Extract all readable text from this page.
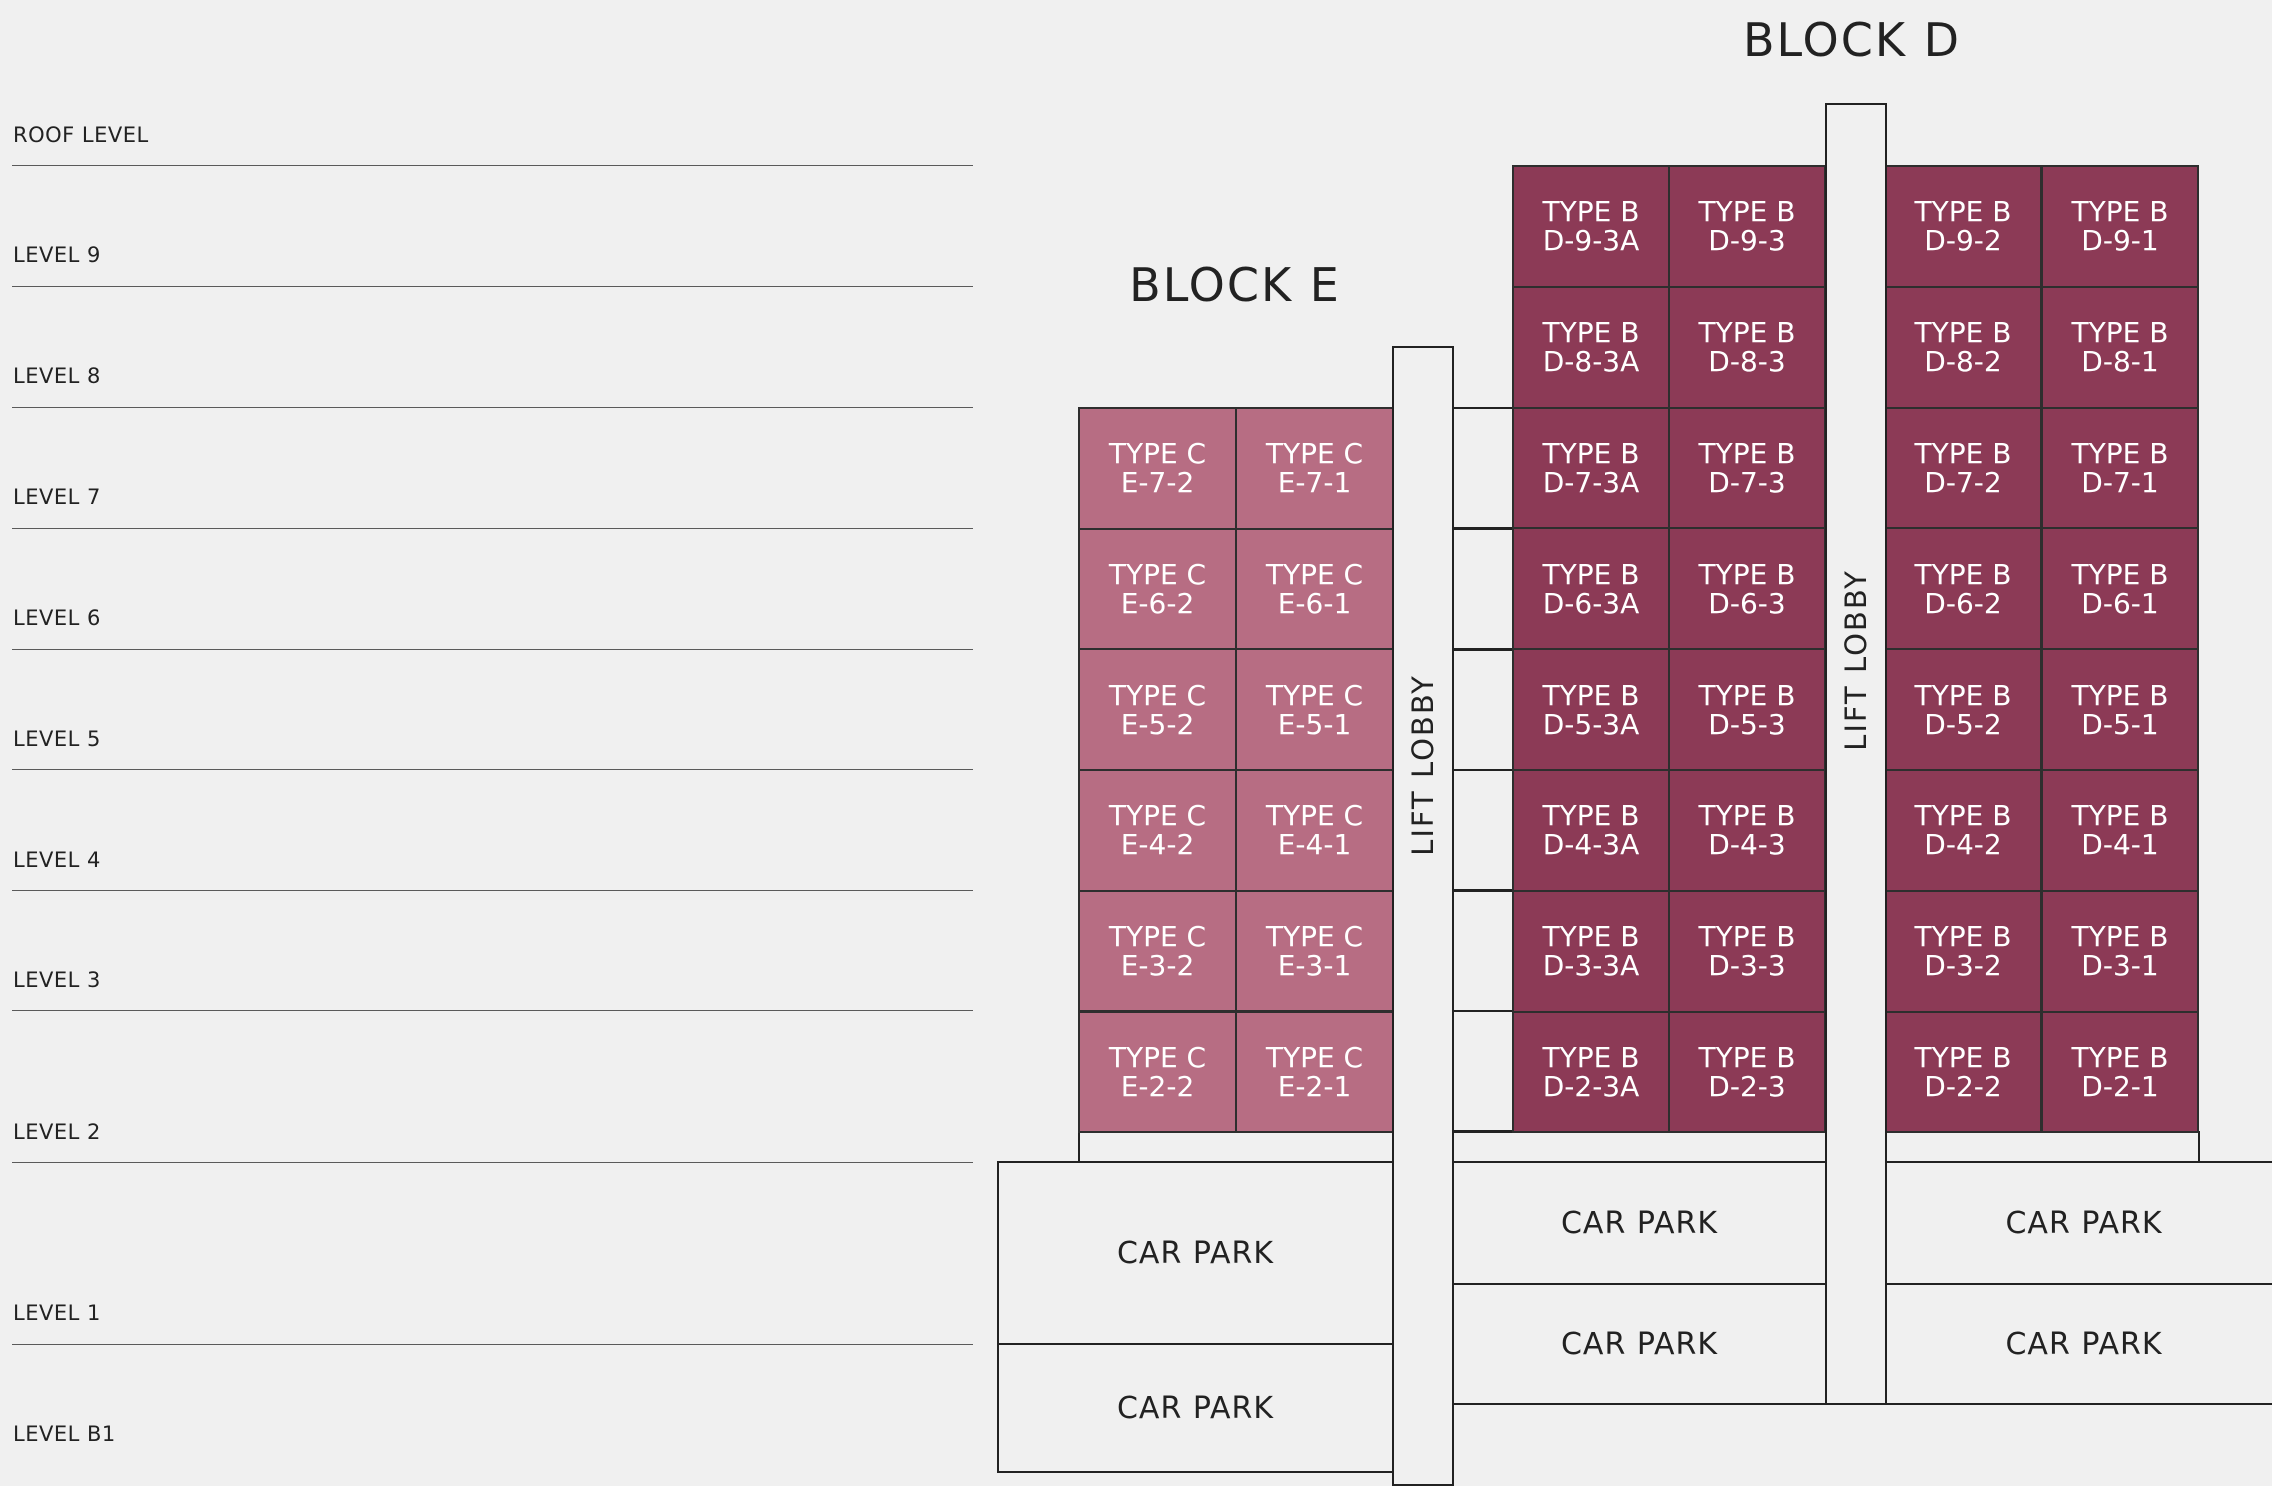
BLOCK E
BLOCK D
ROOF LEVEL
LEVEL 9
LEVEL 8
LEVEL 7
LEVEL 6
LEVEL 5
LEVEL 4
LEVEL 3
LEVEL 2
LEVEL 1
LEVEL B1
CAR PARK
CAR PARK
CAR PARK
CAR PARK
CAR PARK
CAR PARK
TYPE C
E-7-2
TYPE C
E-7-1
TYPE C
E-6-2
TYPE C
E-6-1
TYPE C
E-5-2
TYPE C
E-5-1
TYPE C
E-4-2
TYPE C
E-4-1
TYPE C
E-3-2
TYPE C
E-3-1
TYPE C
E-2-2
TYPE C
E-2-1
TYPE B
D-9-3A
TYPE B
D-9-3
TYPE B
D-9-2
TYPE B
D-9-1
TYPE B
D-8-3A
TYPE B
D-8-3
TYPE B
D-8-2
TYPE B
D-8-1
TYPE B
D-7-3A
TYPE B
D-7-3
TYPE B
D-7-2
TYPE B
D-7-1
TYPE B
D-6-3A
TYPE B
D-6-3
TYPE B
D-6-2
TYPE B
D-6-1
TYPE B
D-5-3A
TYPE B
D-5-3
TYPE B
D-5-2
TYPE B
D-5-1
TYPE B
D-4-3A
TYPE B
D-4-3
TYPE B
D-4-2
TYPE B
D-4-1
TYPE B
D-3-3A
TYPE B
D-3-3
TYPE B
D-3-2
TYPE B
D-3-1
TYPE B
D-2-3A
TYPE B
D-2-3
TYPE B
D-2-2
TYPE B
D-2-1
LIFT LOBBY
LIFT LOBBY
